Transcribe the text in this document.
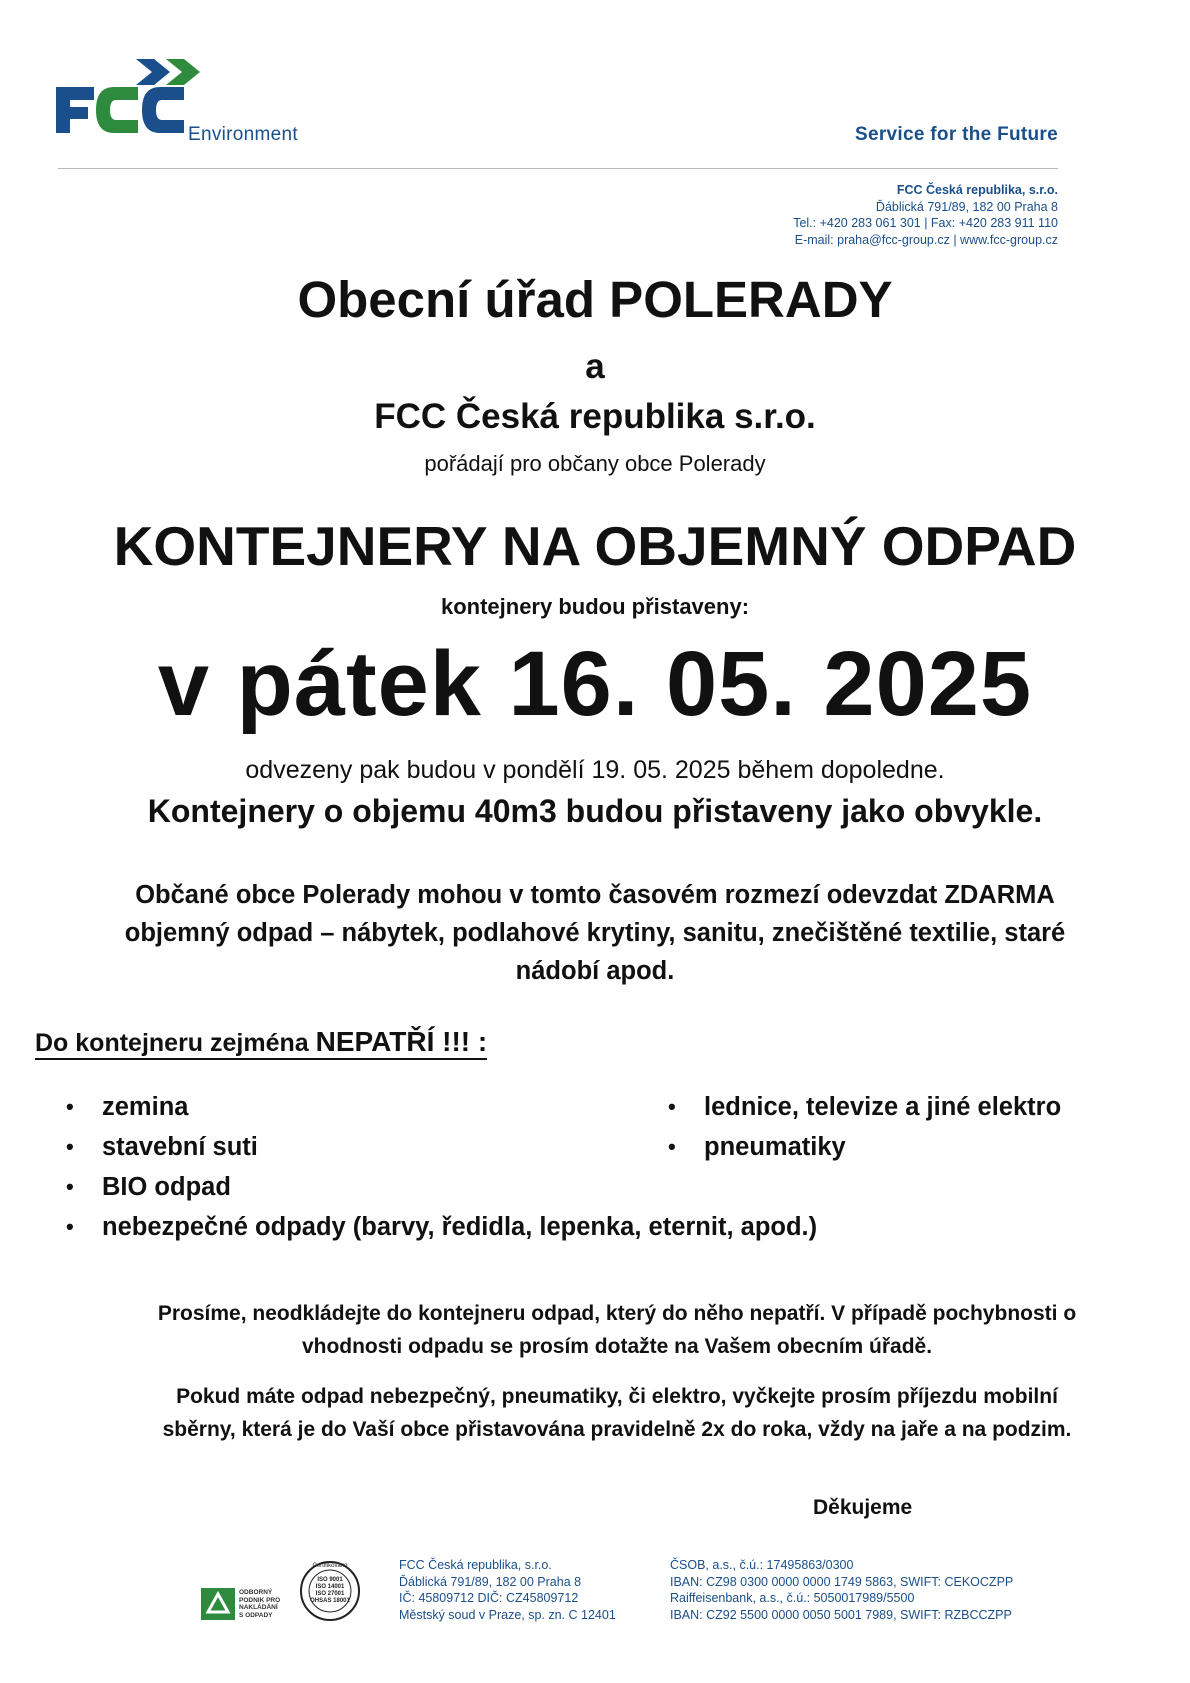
Environment	Service for the Future
FCC Česká republika, s.r.o.
Ďáblická 791/89, 182 00 Praha 8
Tel.: +420 283 061 301 | Fax: +420 283 911 110
E-mail: praha@fcc-group.cz | www.fcc-group.cz
Obecní úřad POLERADY
a
FCC Česká republika s.r.o.
pořádají pro občany obce Polerady
KONTEJNERY NA OBJEMNÝ ODPAD
kontejnery budou přistaveny:
v pátek 16. 05. 2025
odvezeny pak budou v pondělí 19. 05. 2025 během dopoledne.
Kontejnery o objemu 40m3 budou přistaveny jako obvykle.
Občané obce Polerady mohou v tomto časovém rozmezí odevzdat ZDARMA
objemný odpad – nábytek, podlahové krytiny, sanitu, znečištěné textilie, staré
nádobí apod.
Do kontejneru zejména NEPATŘÍ !!! :
• zemina
• stavební suti
• BIO odpad
• nebezpečné odpady (barvy, ředidla, lepenka, eternit, apod.)
• lednice, televize a jiné elektro
• pneumatiky
Prosíme, neodkládejte do kontejneru odpad, který do něho nepatří. V případě pochybnosti o
vhodnosti odpadu se prosím dotažte na Vašem obecním úřadě.
Pokud máte odpad nebezpečný, pneumatiky, či elektro, vyčkejte prosím příjezdu mobilní
sběrny, která je do Vaší obce přistavována pravidelně 2x do roka, vždy na jaře a na podzim.
Děkujeme
ODBORNÝ
PODNIK PRO
NAKLÁDÁNÍ
S ODPADY
Certifikováno
ISO 9001
ISO 14001
ISO 27001
OHSAS 18001
FCC Česká republika, s.r.o.
Ďáblická 791/89, 182 00 Praha 8
IČ: 45809712 DIČ: CZ45809712
Městský soud v Praze, sp. zn. C 12401
ČSOB, a.s., č.ú.: 17495863/0300
IBAN: CZ98 0300 0000 0000 1749 5863, SWIFT: CEKOCZPP
Raiffeisenbank, a.s., č.ú.: 5050017989/5500
IBAN: CZ92 5500 0000 0050 5001 7989, SWIFT: RZBCCZPP
